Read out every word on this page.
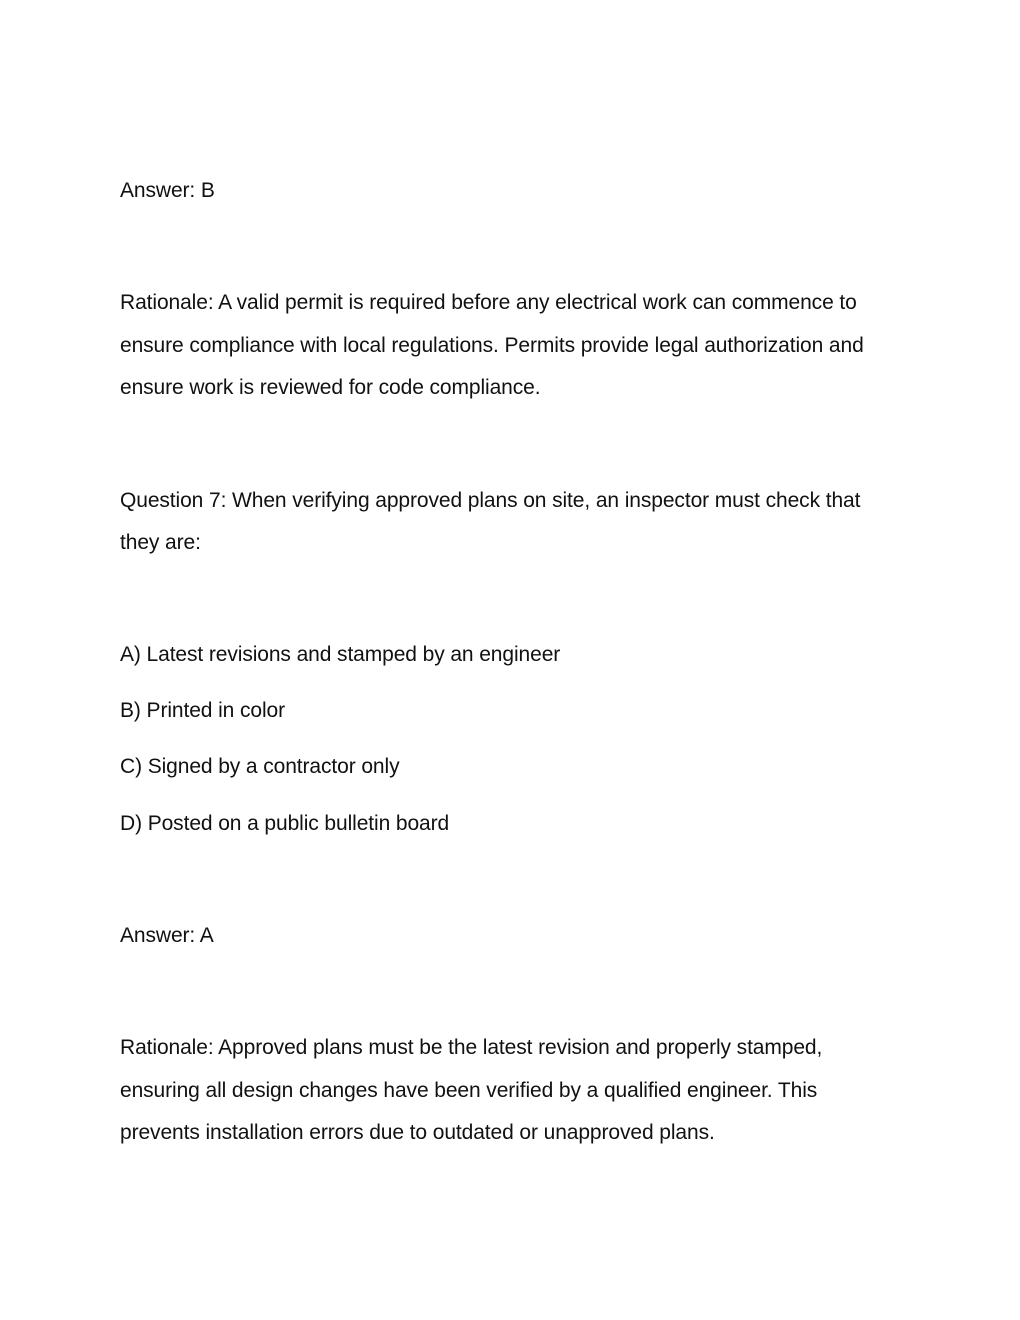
Answer: B
Rationale: A valid permit is required before any electrical work can commence to
ensure compliance with local regulations. Permits provide legal authorization and
ensure work is reviewed for code compliance.
Question 7: When verifying approved plans on site, an inspector must check that
they are:
A) Latest revisions and stamped by an engineer
B) Printed in color
C) Signed by a contractor only
D) Posted on a public bulletin board
Answer: A
Rationale: Approved plans must be the latest revision and properly stamped,
ensuring all design changes have been verified by a qualified engineer. This
prevents installation errors due to outdated or unapproved plans.
